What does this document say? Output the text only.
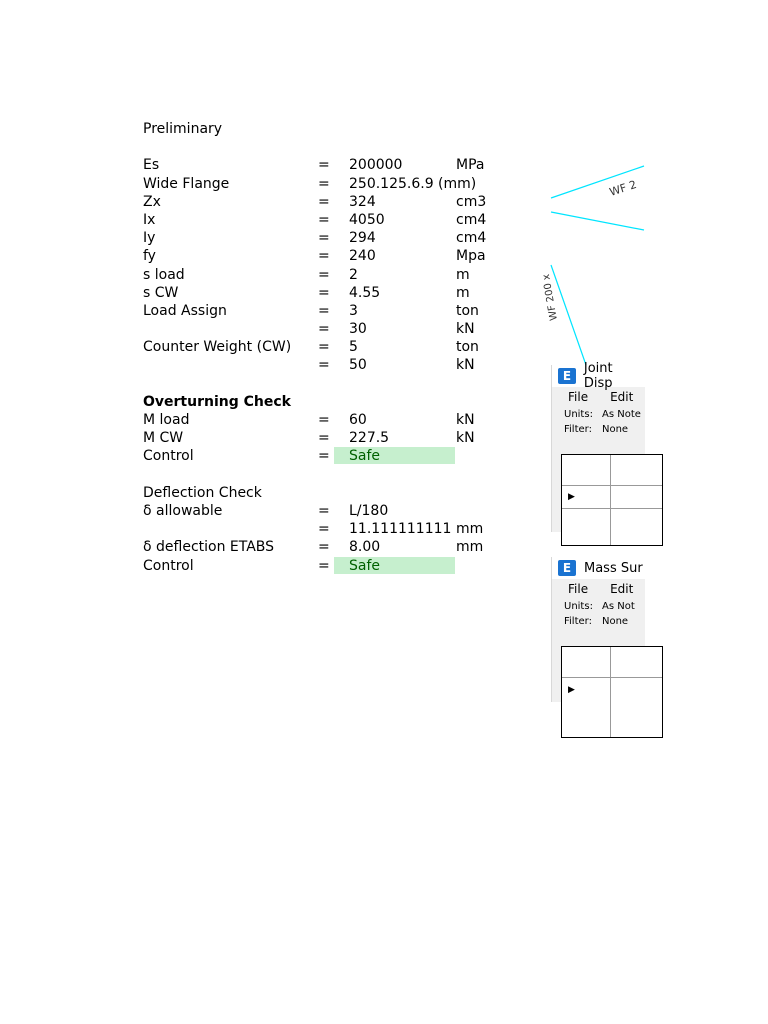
Preliminary
Es	= 200000	MPa
Wide Flange	= 250.125.6.9 (mm)
Zx	= 324	cm3
Ix	= 4050	cm4
Iy	= 294	cm4
fy	= 240	Mpa
s load	= 2	m
s CW	= 4.55	m
Load Assign	= 3	ton
= 30	kN
Counter Weight (CW) = 5	ton
= 50	kN
Overturning Check
M load	= 60	kN
M CW	= 227.5	kN
Control	=	Safe
Deflection Check
δ allowable	= L/180
= 11.111111111 mm
δ deflection ETABS	= 8.00	mm
Control	=	Safe
WF 2
WF 200 x
E Joint Disp
File Edit
Units: As Note
Filter: None
▶
E Mass Sur
File Edit
Units: As Not
Filter: None
▶
